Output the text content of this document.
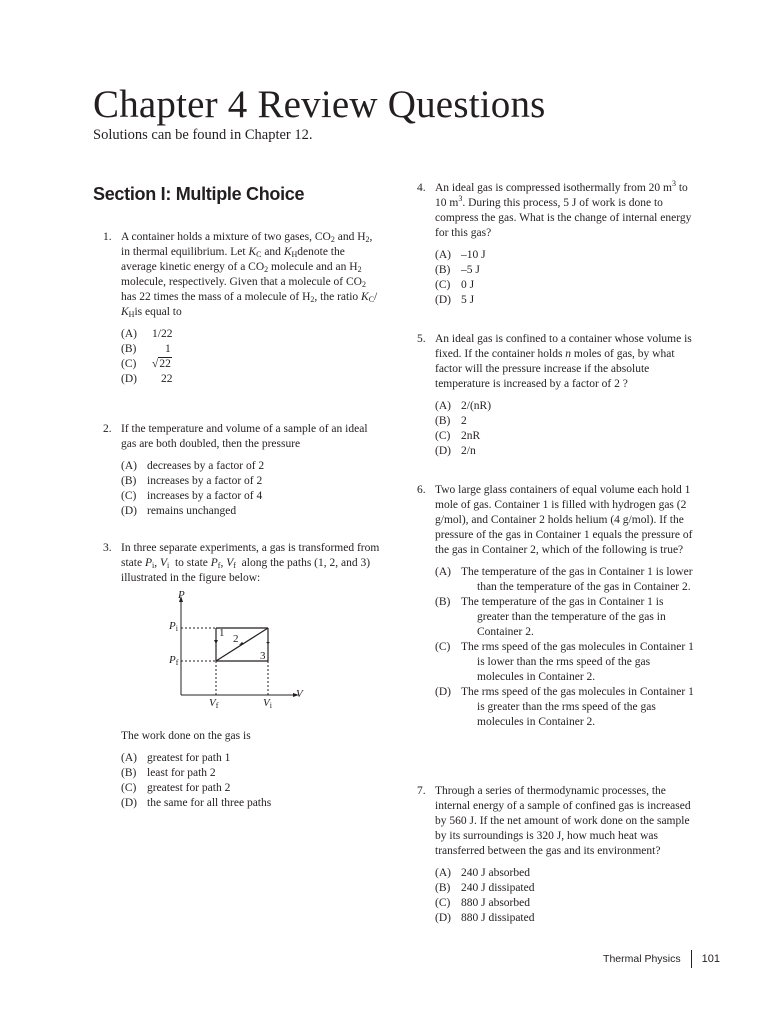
Chapter 4 Review Questions
Solutions can be found in Chapter 12.
Section I: Multiple Choice
1. A container holds a mixture of two gases, $CO_2$ and $H_2$, in thermal equilibrium. Let $K_C$ and $K_Hdenote$ the average kinetic energy of a $CO_2$ molecule and an $H_2$ molecule, respectively. Given that a molecule of $CO_2$ has 22 times the mass of a molecule of $H_2$, the ratio $K_C/$ $K_His$ equal to

(A) 1/22
(B) 1
(C) √22
(D) 22
2. If the temperature and volume of a sample of an ideal gas are both doubled, then the pressure

(A) decreases by a factor of 2
(B) increases by a factor of 2
(C) increases by a factor of 4
(D) remains unchanged
3. In three separate experiments, a gas is transformed from state $P_i$, $V_i$  to state $P_f$, $V_f$  along the paths (1, 2, and 3) illustrated in the figure below:

P
V
$P_i$
$P_f$
$V_f$	$V_i$
1 2
3

The work done on the gas is

(A) greatest for path 1
(B) least for path 2
(C) greatest for path 2
(D) the same for all three paths
4. An ideal gas is compressed isothermally from 20 $m^3$ to 10 $m^3$. During this process, 5 J of work is done to compress the gas. What is the change of internal energy for this gas?

(A) –10 J
(B) –5 J
(C) 0 J
(D) 5 J
5. An ideal gas is confined to a container whose volume is fixed. If the container holds n moles of gas, by what factor will the pressure increase if the absolute temperature is increased by a factor of 2 ?

(A) 2/(nR)
(B) 2
(C) 2nR
(D) 2/n
6. Two large glass containers of equal volume each hold 1 mole of gas. Container 1 is filled with hydrogen gas (2 g/mol), and Container 2 holds helium (4 g/mol). If the pressure of the gas in Container 1 equals the pressure of the gas in Container 2, which of the following is true?

(A) The temperature of the gas in Container 1 is lower than the temperature of the gas in Container 2.
(B) The temperature of the gas in Container 1 is greater than the temperature of the gas in Container 2.
(C) The rms speed of the gas molecules in Container 1 is lower than the rms speed of the gas molecules in Container 2.
(D) The rms speed of the gas molecules in Container 1 is greater than the rms speed of the gas molecules in Container 2.
7. Through a series of thermodynamic processes, the internal energy of a sample of confined gas is increased by 560 J. If the net amount of work done on the sample by its surroundings is 320 J, how much heat was transferred between the gas and its environment?

(A) 240 J absorbed
(B) 240 J dissipated
(C) 880 J absorbed
(D) 880 J dissipated
Thermal Physics 101
